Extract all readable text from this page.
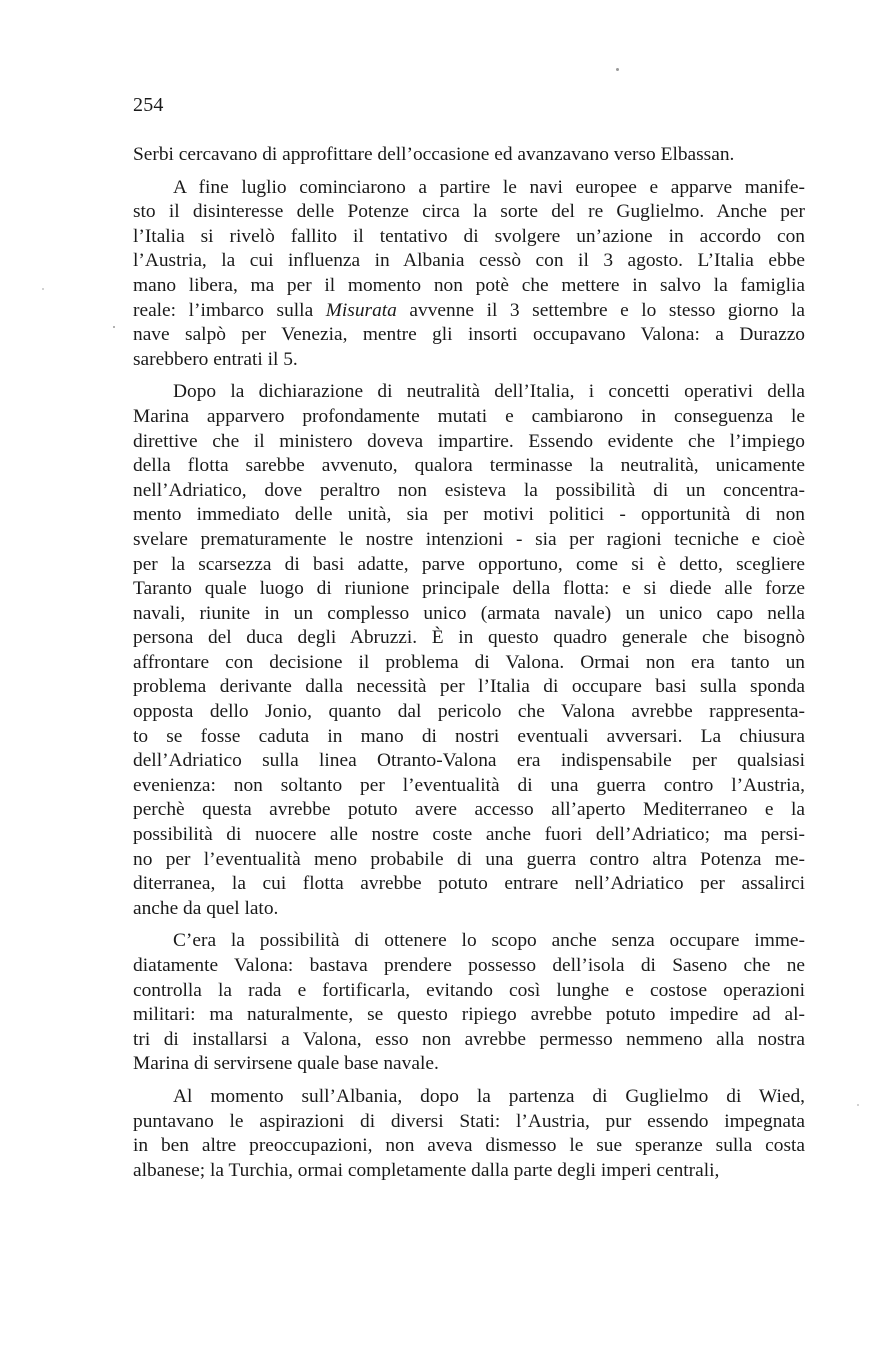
254
Serbi cercavano di approfittare dell’occasione ed avanzavano verso Elbassan.
A fine luglio cominciarono a partire le navi europee e apparve manife-
sto il disinteresse delle Potenze circa la sorte del re Guglielmo. Anche per
l’Italia si rivelò fallito il tentativo di svolgere un’azione in accordo con
l’Austria, la cui influenza in Albania cessò con il 3 agosto. L’Italia ebbe
mano libera, ma per il momento non potè che mettere in salvo la famiglia
reale: l’imbarco sulla Misurata avvenne il 3 settembre e lo stesso giorno la
nave salpò per Venezia, mentre gli insorti occupavano Valona: a Durazzo
sarebbero entrati il 5.
Dopo la dichiarazione di neutralità dell’Italia, i concetti operativi della
Marina apparvero profondamente mutati e cambiarono in conseguenza le
direttive che il ministero doveva impartire. Essendo evidente che l’impiego
della flotta sarebbe avvenuto, qualora terminasse la neutralità, unicamente
nell’Adriatico, dove peraltro non esisteva la possibilità di un concentra-
mento immediato delle unità, sia per motivi politici - opportunità di non
svelare prematuramente le nostre intenzioni - sia per ragioni tecniche e cioè
per la scarsezza di basi adatte, parve opportuno, come si è detto, scegliere
Taranto quale luogo di riunione principale della flotta: e si diede alle forze
navali, riunite in un complesso unico (armata navale) un unico capo nella
persona del duca degli Abruzzi. È in questo quadro generale che bisognò
affrontare con decisione il problema di Valona. Ormai non era tanto un
problema derivante dalla necessità per l’Italia di occupare basi sulla sponda
opposta dello Jonio, quanto dal pericolo che Valona avrebbe rappresenta-
to se fosse caduta in mano di nostri eventuali avversari. La chiusura
dell’Adriatico sulla linea Otranto-Valona era indispensabile per qualsiasi
evenienza: non soltanto per l’eventualità di una guerra contro l’Austria,
perchè questa avrebbe potuto avere accesso all’aperto Mediterraneo e la
possibilità di nuocere alle nostre coste anche fuori dell’Adriatico; ma persi-
no per l’eventualità meno probabile di una guerra contro altra Potenza me-
diterranea, la cui flotta avrebbe potuto entrare nell’Adriatico per assalirci
anche da quel lato.
C’era la possibilità di ottenere lo scopo anche senza occupare imme-
diatamente Valona: bastava prendere possesso dell’isola di Saseno che ne
controlla la rada e fortificarla, evitando così lunghe e costose operazioni
militari: ma naturalmente, se questo ripiego avrebbe potuto impedire ad al-
tri di installarsi a Valona, esso non avrebbe permesso nemmeno alla nostra
Marina di servirsene quale base navale.
Al momento sull’Albania, dopo la partenza di Guglielmo di Wied,
puntavano le aspirazioni di diversi Stati: l’Austria, pur essendo impegnata
in ben altre preoccupazioni, non aveva dismesso le sue speranze sulla costa
albanese; la Turchia, ormai completamente dalla parte degli imperi centrali,
